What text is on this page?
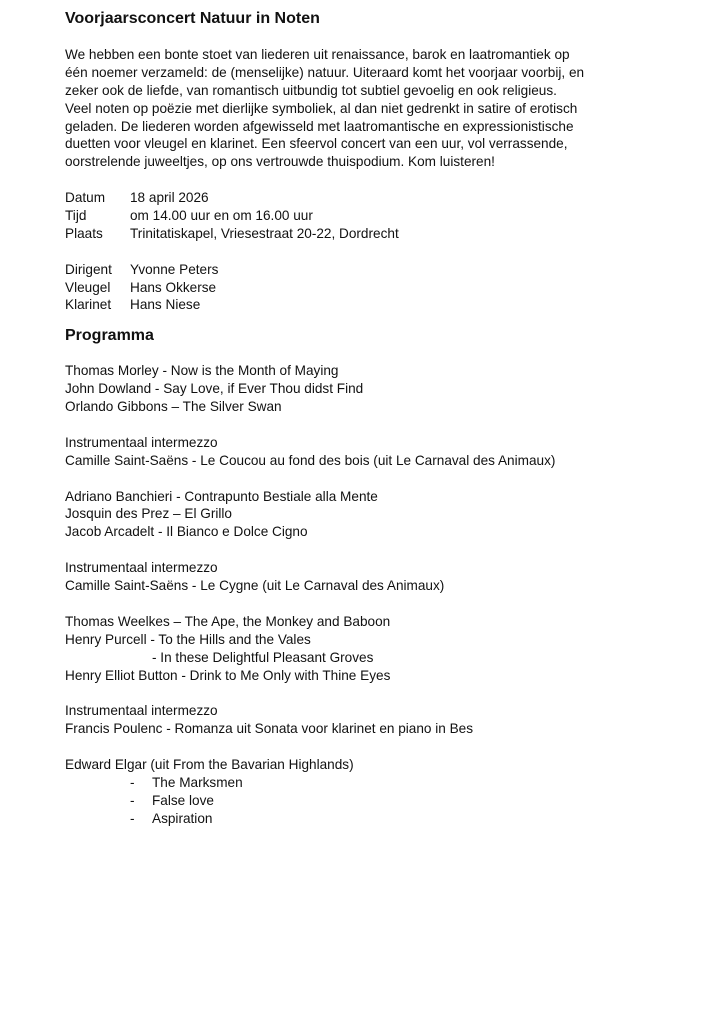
Voorjaarsconcert Natuur in Noten
We hebben een bonte stoet van liederen uit renaissance, barok en laatromantiek op
één noemer verzameld: de (menselijke) natuur. Uiteraard komt het voorjaar voorbij, en
zeker ook de liefde, van romantisch uitbundig tot subtiel gevoelig en ook religieus.
Veel noten op poëzie met dierlijke symboliek, al dan niet gedrenkt in satire of erotisch
geladen. De liederen worden afgewisseld met laatromantische en expressionistische
duetten voor vleugel en klarinet. Een sfeervol concert van een uur, vol verrassende,
oorstrelende juweeltjes, op ons vertrouwde thuispodium. Kom luisteren!
Datum	18 april 2026
Tijd	om 14.00 uur en om 16.00 uur
Plaats	Trinitatiskapel, Vriesestraat 20-22, Dordrecht
Dirigent	Yvonne Peters
Vleugel	Hans Okkerse
Klarinet	Hans Niese
Programma
Thomas Morley - Now is the Month of Maying
John Dowland - Say Love, if Ever Thou didst Find
Orlando Gibbons – The Silver Swan
Instrumentaal intermezzo
Camille Saint-Saëns - Le Coucou au fond des bois (uit Le Carnaval des Animaux)
Adriano Banchieri - Contrapunto Bestiale alla Mente
Josquin des Prez – El Grillo
Jacob Arcadelt - Il Bianco e Dolce Cigno
Instrumentaal intermezzo
Camille Saint-Saëns - Le Cygne (uit Le Carnaval des Animaux)
Thomas Weelkes – The Ape, the Monkey and Baboon
Henry Purcell - To the Hills and the Vales
- In these Delightful Pleasant Groves
Henry Elliot Button - Drink to Me Only with Thine Eyes
Instrumentaal intermezzo
Francis Poulenc - Romanza uit Sonata voor klarinet en piano in Bes
Edward Elgar (uit From the Bavarian Highlands)
-	The Marksmen
-	False love
-	Aspiration
